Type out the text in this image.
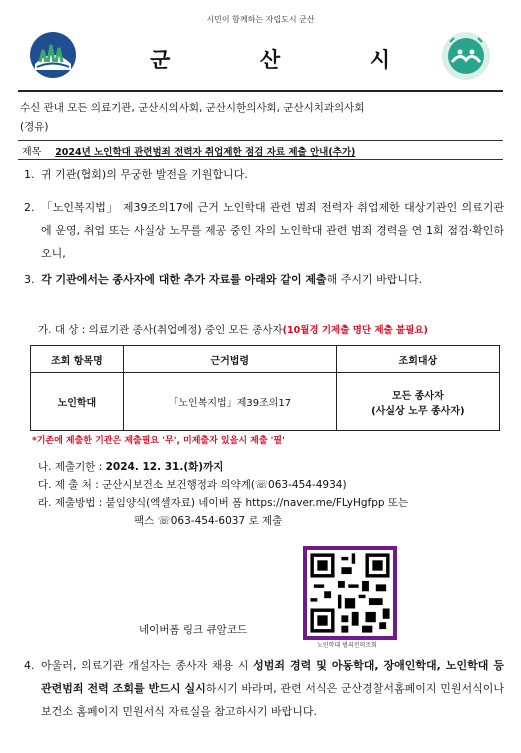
시민이 함께하는 자립도시 군산
군	산	시
수신 관내 모든 의료기관, 군산시의사회, 군산시한의사회, 군산시치과의사회
(경유)
제목 2024년 노인학대 관련범죄 전력자 취업제한 점검 자료 제출 안내(추가)
1. 귀 기관(협회)의 무궁한 발전을 기원합니다.
2. 「노인복지법」 제39조의17에 근거 노인학대 관련 범죄 전력자 취업제한 대상기관인 의료기관에 운영, 취업 또는 사실상 노무를 제공 중인 자의 노인학대 관련 범죄 경력을 연 1회 점검·확인하오니,
3. 각 기관에서는 종사자에 대한 추가 자료를 아래와 같이 제출해 주시기 바랍니다.
가. 대 상 : 의료기관 종사(취업예정) 중인 모든 종사자(10월경 기제출 명단 제출 불필요)
조회 항목명	근거법령	조회대상
노인학대	「노인복지법」제39조의17	모든 종사자
(사실상 노무 종사자)
*기존에 제출한 기관은 제출필요 '무', 미제출자 있을시 제출 '필'
나. 제출기한 : 2024. 12. 31.(화)까지
다. 제 출 처 : 군산시보건소 보건행정과 의약계(☏063-454-4934)
라. 제출방법 : 붙임양식(엑셀자료) 네이버 폼 https://naver.me/FLyHgfpp 또는
팩스 ☏063-454-6037 로 제출
노인학대 범죄전력조회
네이버폼 링크 큐알코드
4. 아울러, 의료기관 개설자는 종사자 채용 시 성범죄 경력 및 아동학대, 장애인학대, 노인학대 등 관련범죄 전력 조회를 반드시 실시하시기 바라며, 관련 서식은 군산경찰서홈페이지 민원서식이나 보건소 홈페이지 민원서식 자료실을 참고하시기 바랍니다.
